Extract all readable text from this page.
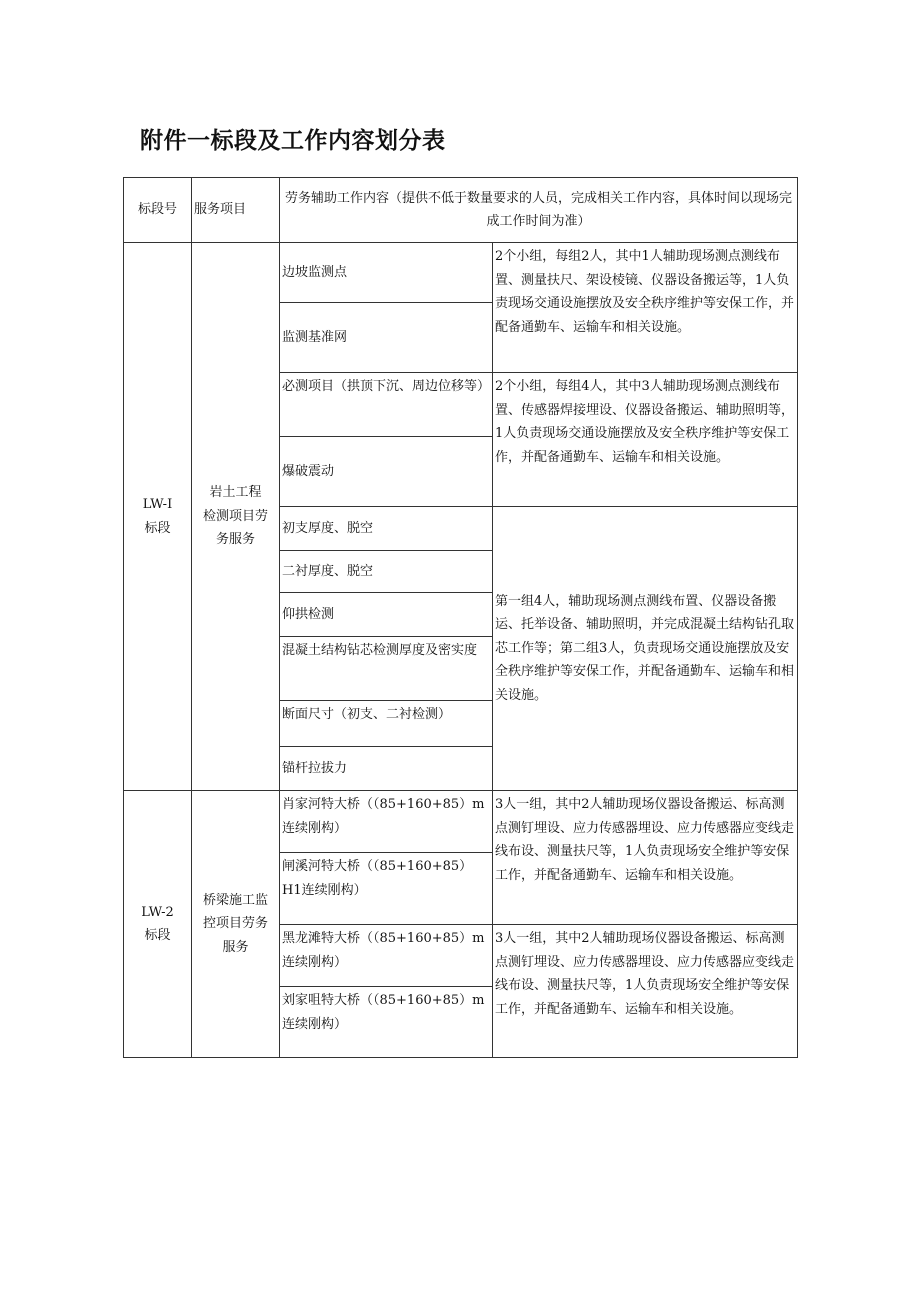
附件一标段及工作内容划分表
标段号	服务项目
劳务辅助工作内容（提供不低于数量要求的人员，完成相关工作内容，具体时间以现场完成工作时间为准）
LW-I
标段
岩土工程
检测项目劳
务服务
边坡监测点
监测基准网
必测项目（拱顶下沉、周边位移等）
爆破震动
初支厚度、脱空
二衬厚度、脱空
仰拱检测
混凝土结构钻芯检测厚度及密实度
断面尺寸（初支、二衬检测）
锚杆拉拔力
2个小组，每组2人，其中1人辅助现场测点测线布置、测量扶尺、架设棱镜、仪器设备搬运等，1人负责现场交通设施摆放及安全秩序维护等安保工作，并配备通勤车、运输车和相关设施。
2个小组，每组4人，其中3人辅助现场测点测线布置、传感器焊接埋设、仪器设备搬运、辅助照明等，1人负责现场交通设施摆放及安全秩序维护等安保工作，并配备通勤车、运输车和相关设施。
第一组4人，辅助现场测点测线布置、仪器设备搬运、托举设备、辅助照明，并完成混凝土结构钻孔取芯工作等；第二组3人，负责现场交通设施摆放及安全秩序维护等安保工作，并配备通勤车、运输车和相关设施。
LW-2
标段
桥梁施工监
控项目劳务
服务
肖家河特大桥（（85+160+85）m连续刚构）
闸溪河特大桥（（85+160+85）H1连续刚构）
黑龙滩特大桥（（85+160+85）m连续刚构）
刘家咀特大桥（（85+160+85）m连续刚构）
3人一组，其中2人辅助现场仪器设备搬运、标高测点测钉埋设、应力传感器埋设、应力传感器应变线走线布设、测量扶尺等，1人负责现场安全维护等安保工作，并配备通勤车、运输车和相关设施。
3人一组，其中2人辅助现场仪器设备搬运、标高测点测钉埋设、应力传感器埋设、应力传感器应变线走线布设、测量扶尺等，1人负责现场安全维护等安保工作，并配备通勤车、运输车和相关设施。
